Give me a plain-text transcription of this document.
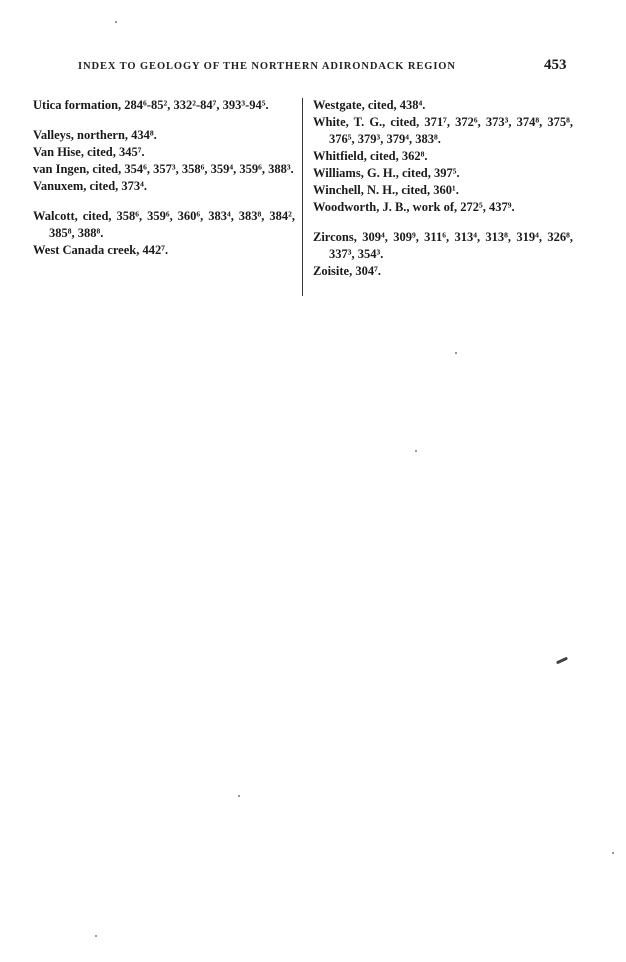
INDEX TO GEOLOGY OF THE NORTHERN ADIRONDACK REGION	453
Utica formation, 284⁶-85², 332²-84⁷, 393³-94⁵.
Valleys, northern, 434⁸.
Van Hise, cited, 345⁷.
van Ingen, cited, 354⁶, 357³, 358⁶, 359⁴, 359⁶, 388³.
Vanuxem, cited, 373⁴.
Walcott, cited, 358⁶, 359⁶, 360⁶, 383⁴, 383⁸, 384², 385⁸, 388⁸.
West Canada creek, 442⁷.
Westgate, cited, 438⁴.
White, T. G., cited, 371⁷, 372⁶, 373³, 374⁸, 375⁸, 376⁵, 379³, 379⁴, 383⁸.
Whitfield, cited, 362⁸.
Williams, G. H., cited, 397⁵.
Winchell, N. H., cited, 360¹.
Woodworth, J. B., work of, 272⁵, 437⁹.
Zircons, 309⁴, 309⁹, 311⁶, 313⁴, 313⁸, 319⁴, 326⁸, 337³, 354³.
Zoisite, 304⁷.
